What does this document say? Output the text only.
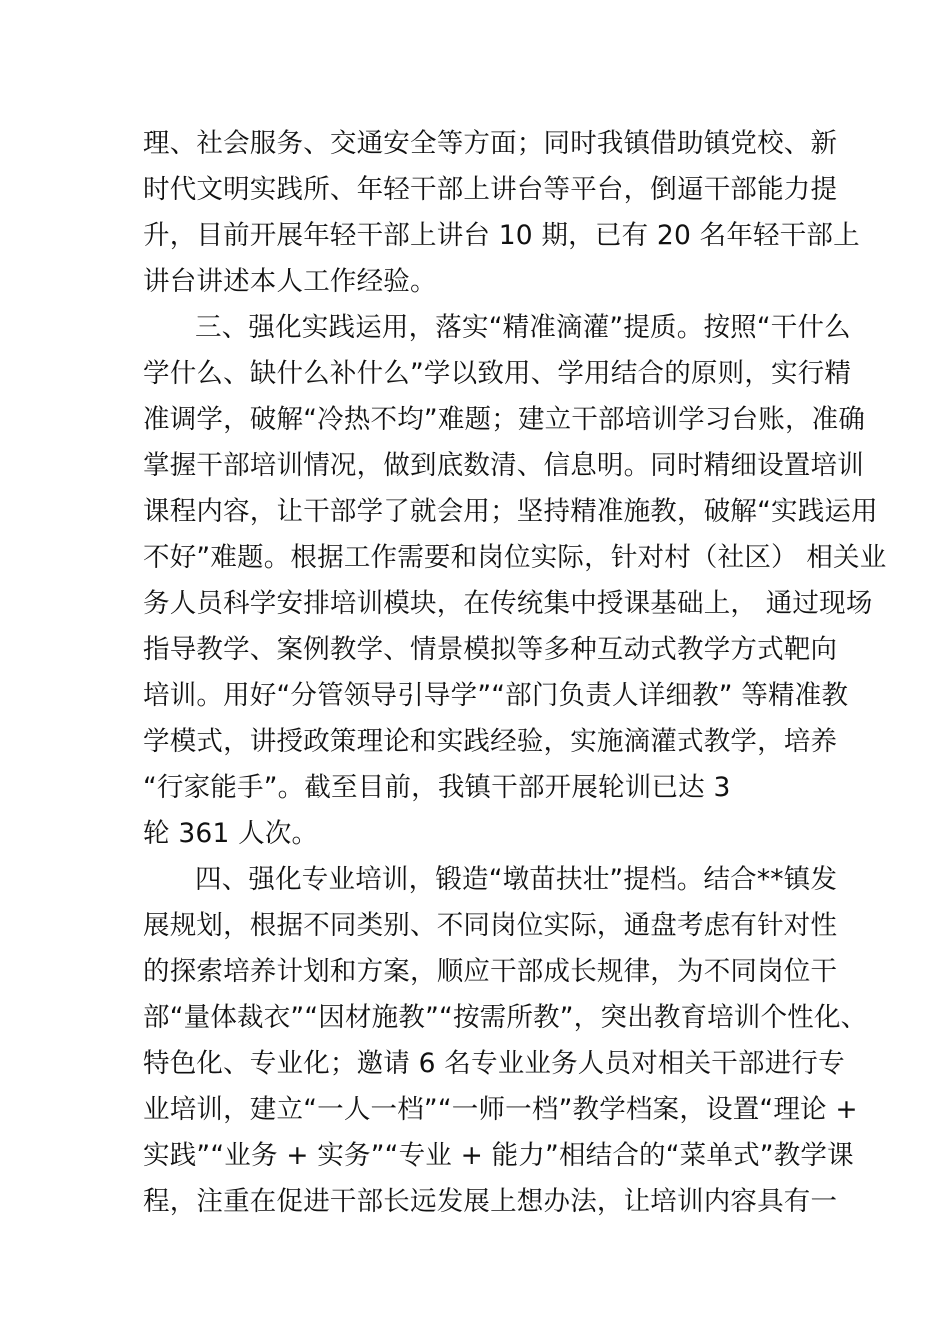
理、社会服务、交通安全等方面；同时我镇借助镇党校、新
时代文明实践所、年轻干部上讲台等平台，倒逼干部能力提
升，目前开展年轻干部上讲台 10 期，已有 20 名年轻干部上
讲台讲述本人工作经验。
三、强化实践运用，落实“精准滴灌”提质。按照“干什么
学什么、缺什么补什么”学以致用、学用结合的原则，实行精
准调学，破解“冷热不均”难题；建立干部培训学习台账，准确
掌握干部培训情况，做到底数清、信息明。同时精细设置培训
课程内容，让干部学了就会用；坚持精准施教，破解“实践运用
不好”难题。根据工作需要和岗位实际，针对村（社区） 相关业
务人员科学安排培训模块，在传统集中授课基础上， 通过现场
指导教学、案例教学、情景模拟等多种互动式教学方式靶向
培训。用好“分管领导引导学”“部门负责人详细教” 等精准教
学模式，讲授政策理论和实践经验，实施滴灌式教学，培养
“行家能手”。截至目前，我镇干部开展轮训已达 3
轮 361 人次。
四、强化专业培训，锻造“墩苗扶壮”提档。结合**镇发
展规划，根据不同类别、不同岗位实际，通盘考虑有针对性
的探索培养计划和方案，顺应干部成长规律，为不同岗位干
部“量体裁衣”“因材施教”“按需所教”，突出教育培训个性化、
特色化、专业化；邀请 6 名专业业务人员对相关干部进行专
业培训，建立“一人一档”“一师一档”教学档案，设置“理论 +
实践”“业务 + 实务”“专业 + 能力”相结合的“菜单式”教学课
程，注重在促进干部长远发展上想办法，让培训内容具有一
